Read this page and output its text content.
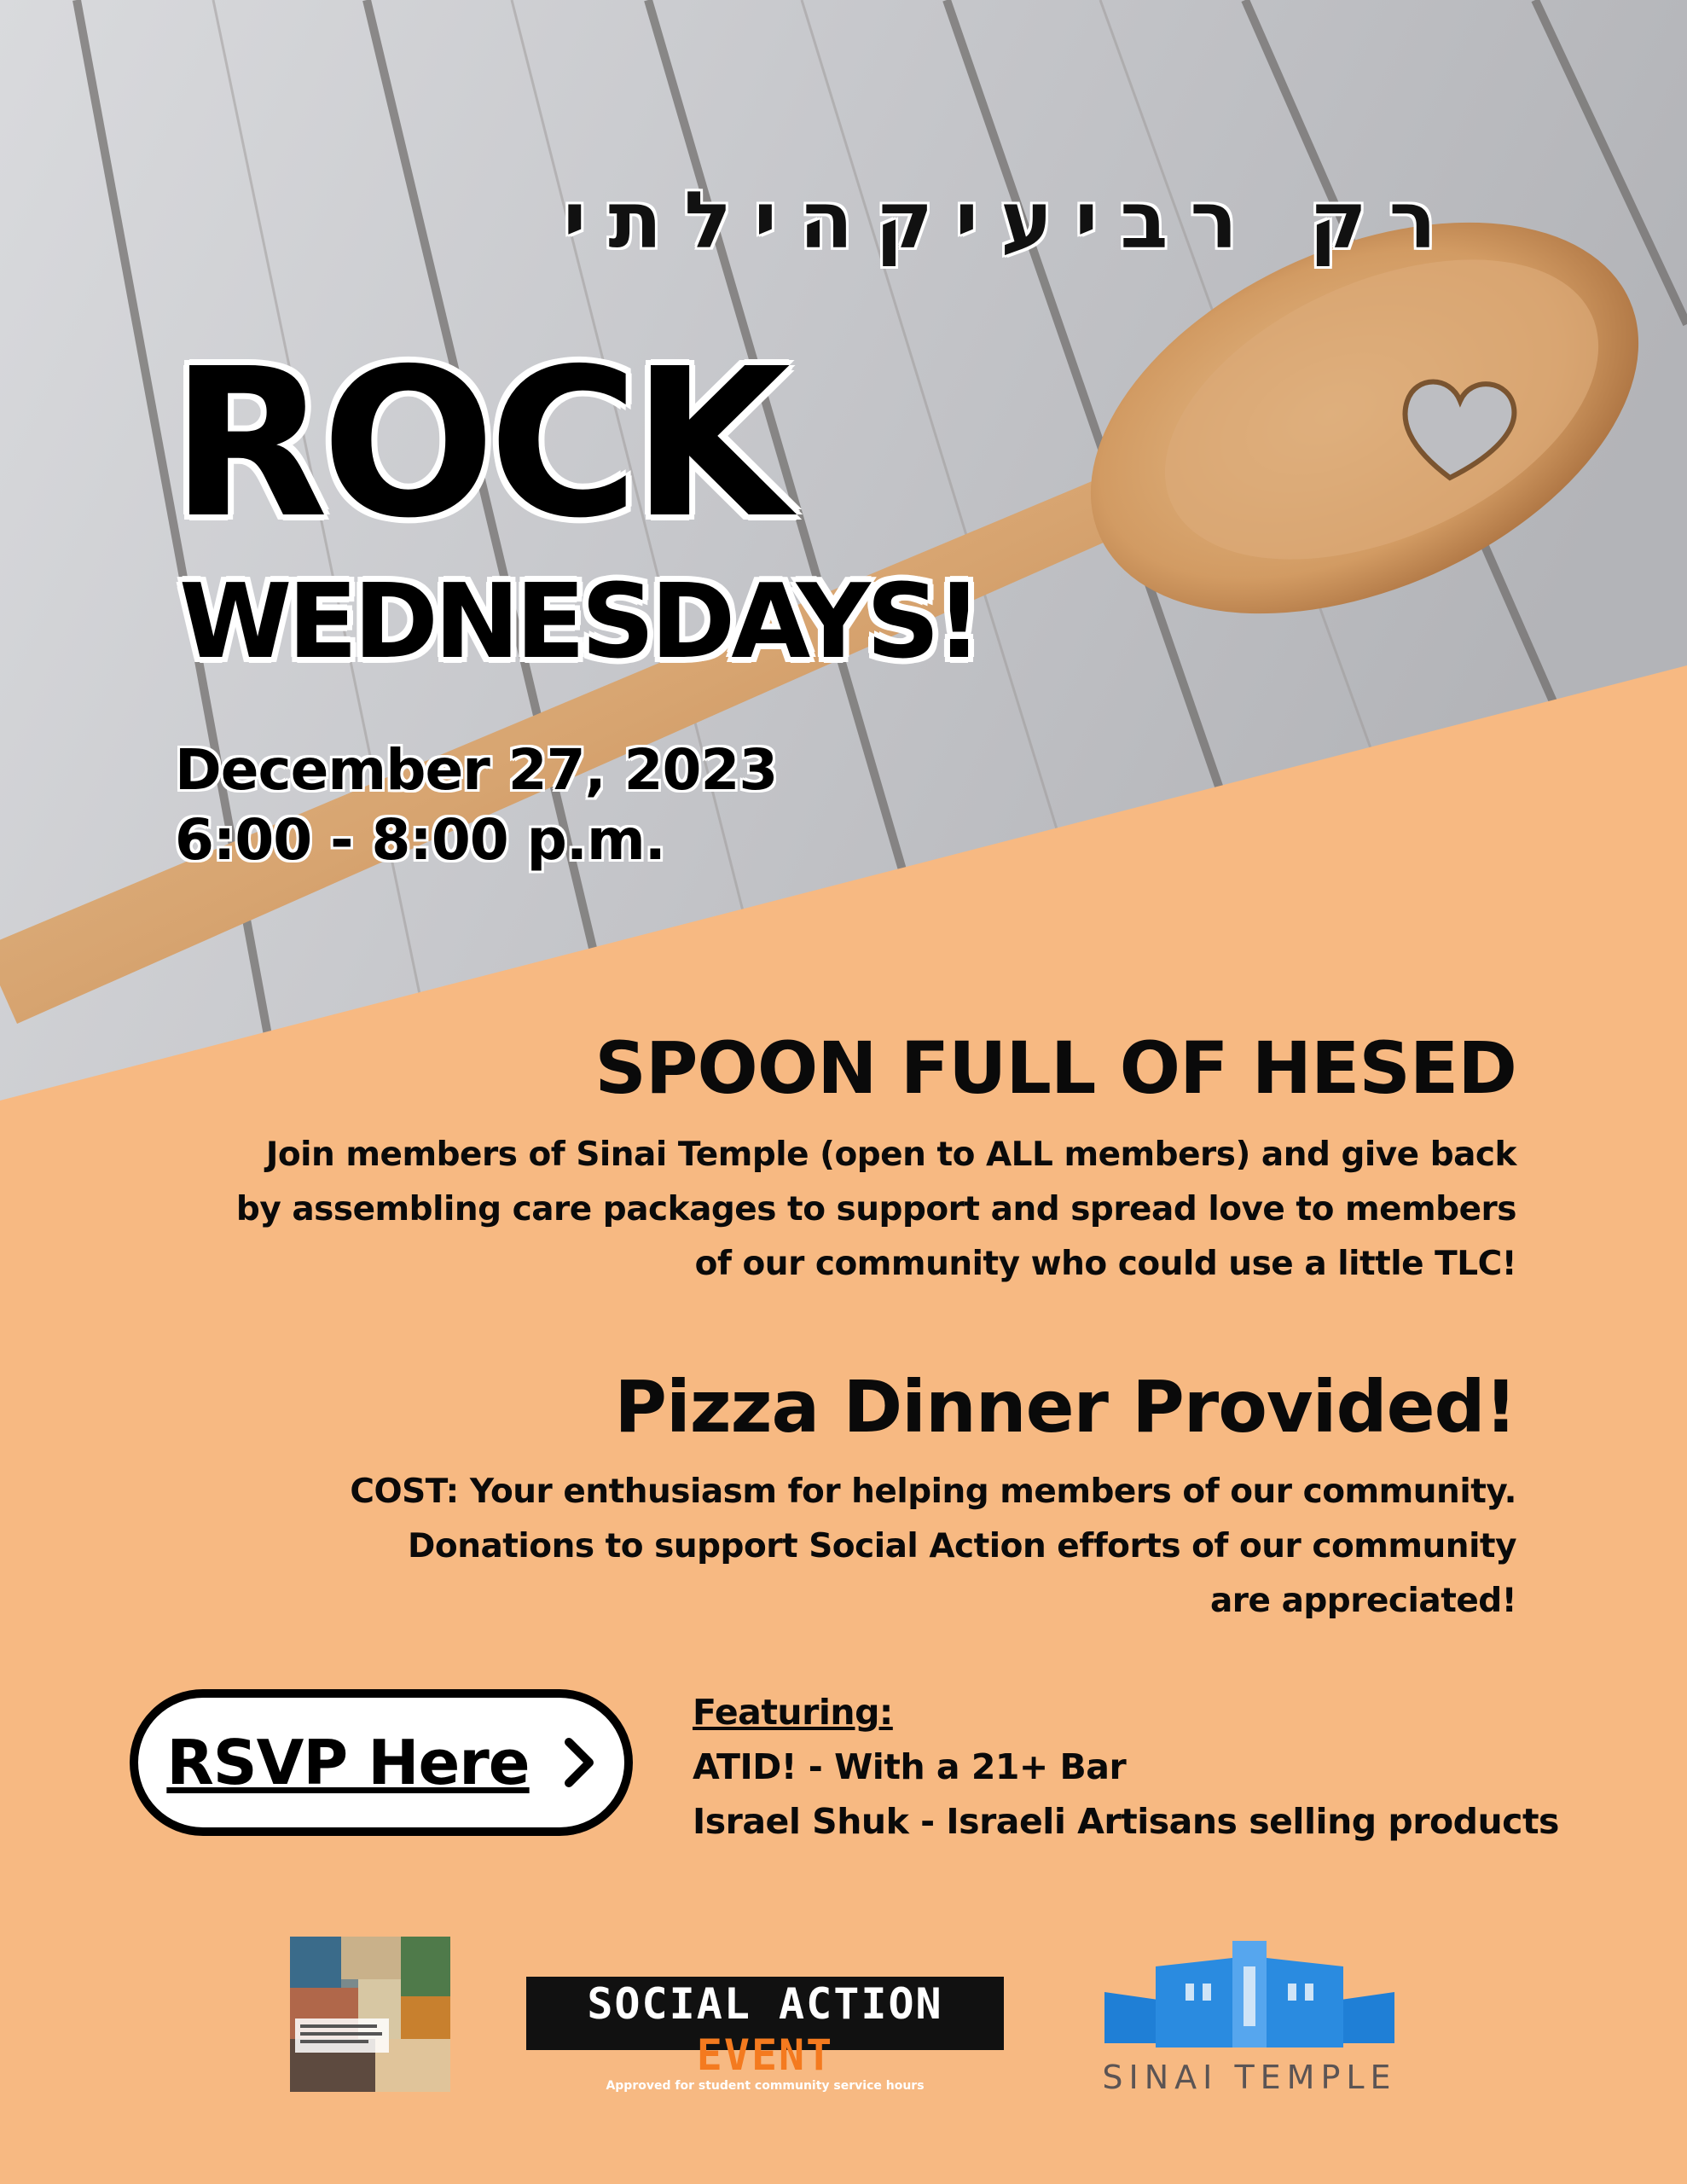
רק רביעיקהילתי

ROCK

WEDNESDAYS!

December 27, 2023

6:00 - 8:00 p.m.

SPOON FULL OF HESED

Join members of Sinai Temple (open to ALL members) and give back
by assembling care packages to support and spread love to members
of our community who could use a little TLC!

Pizza Dinner Provided!

COST: Your enthusiasm for helping members of our community.
Donations to support Social Action efforts of our community
are appreciated!

RSVP Here
Featuring:
ATID! - With a 21+ Bar
Israel Shuk - Israeli Artisans selling products
SOCIAL ACTION EVENT
Approved for student community service hours	SINAI TEMPLE
